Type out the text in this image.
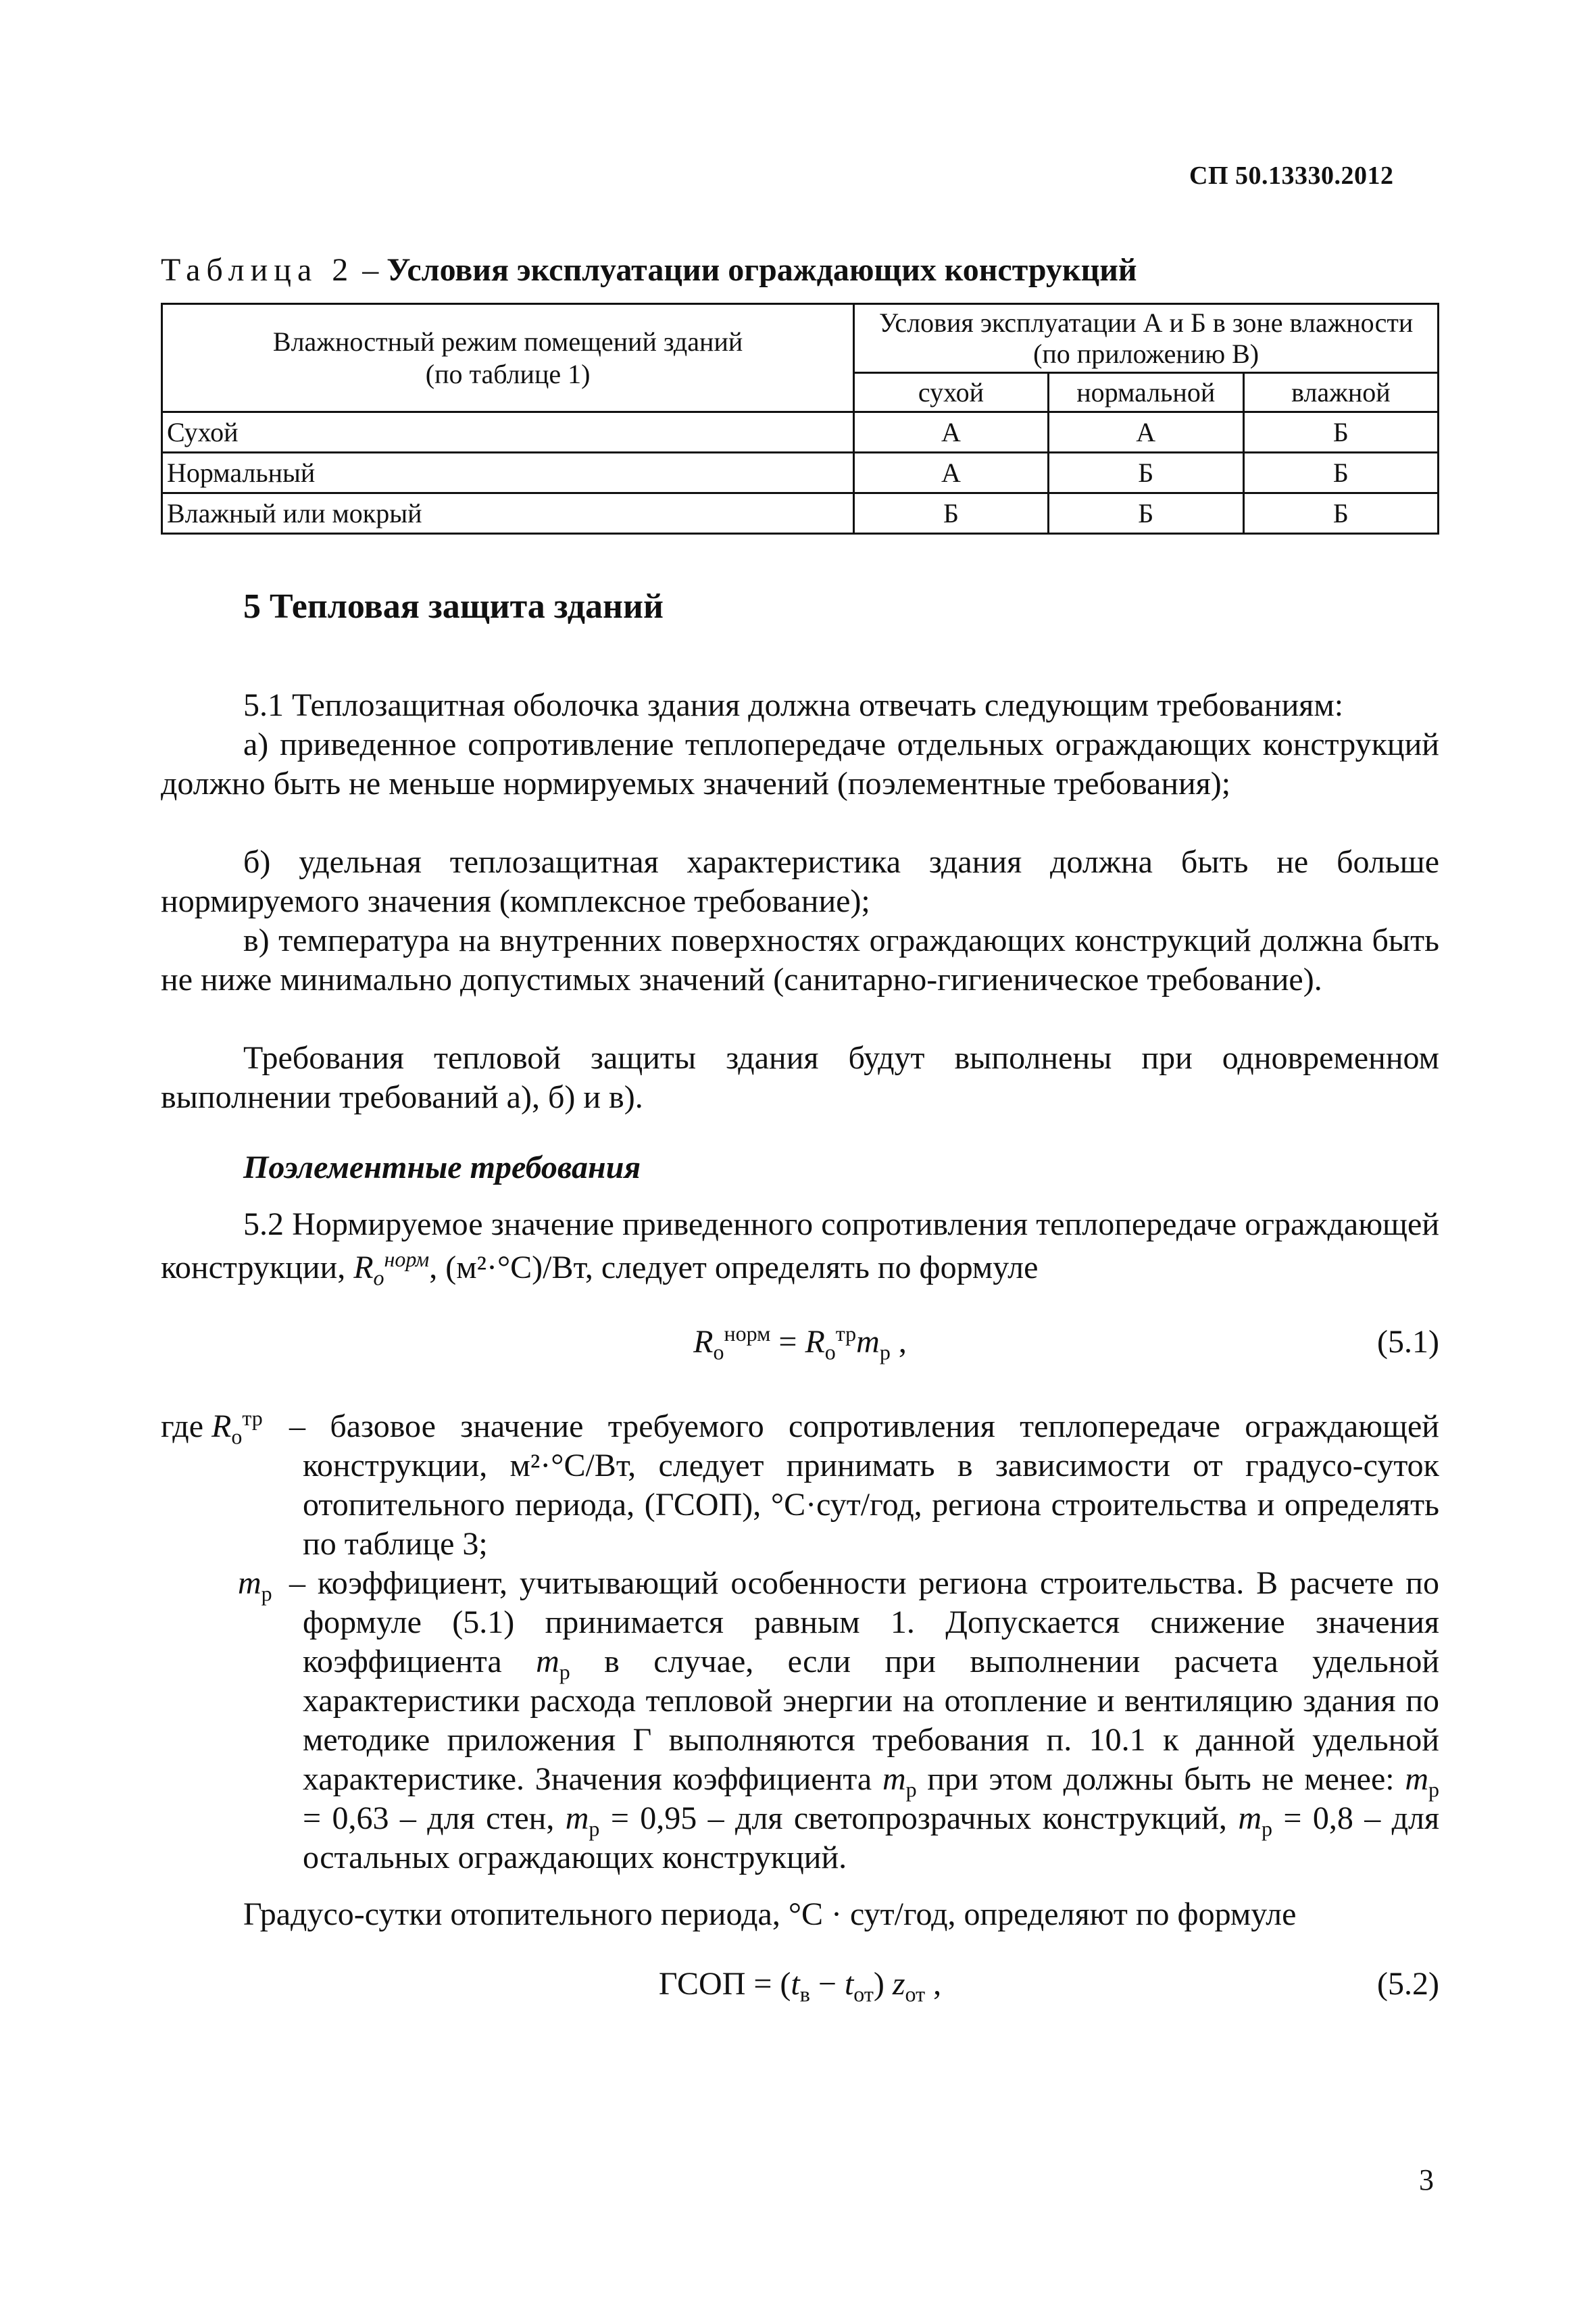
СП 50.13330.2012
Таблица 2 – Условия эксплуатации ограждающих конструкций
Влажностный режим помещений зданий (по таблице 1)	Условия эксплуатации А и Б в зоне влажности (по приложению В)		
	сухой	нормальной	влажной
Сухой	А	А	Б
Нормальный	А	Б	Б
Влажный или мокрый	Б	Б	Б
5 Тепловая защита зданий
5.1 Теплозащитная оболочка здания должна отвечать следующим требованиям:
а) приведенное сопротивление теплопередаче отдельных ограждающих конструкций должно быть не меньше нормируемых значений (поэлементные требования);
б) удельная теплозащитная характеристика здания должна быть не больше нормируемого значения (комплексное требование);
в) температура на внутренних поверхностях ограждающих конструкций должна быть не ниже минимально допустимых значений (санитарно-гигиеническое требование).
Требования тепловой защиты здания будут выполнены при одновременном выполнении требований а), б) и в).
Поэлементные требования
5.2 Нормируемое значение приведенного сопротивления теплопередаче ограждающей конструкции, $R_о^{норм}$, (м²·°С)/Вт, следует определять по формуле
$R_о^{норм} = R_о^{тр}m_р$ ,	(5.1)
где $R_о^{тр}$ – базовое значение требуемого сопротивления теплопередаче ограждающей конструкции, м²·°С/Вт, следует принимать в зависимости от градусо-суток отопительного периода, (ГСОП), °С·сут/год, региона строительства и определять по таблице 3;
$m_р$ – коэффициент, учитывающий особенности региона строительства. В расчете по формуле (5.1) принимается равным 1. Допускается снижение значения коэффициента $m_р$ в случае, если при выполнении расчета удельной характеристики расхода тепловой энергии на отопление и вентиляцию здания по методике приложения Г выполняются требования п. 10.1 к данной удельной характеристике. Значения коэффициента $m_р$ при этом должны быть не менее: $m_р = 0,63$ – для стен, $m_р = 0,95$ – для светопрозрачных конструкций, $m_р = 0,8$ – для остальных ограждающих конструкций.
Градусо-сутки отопительного периода, °С · сут/год, определяют по формуле
ГСОП = $(t_в - t_{от})$ $z_{от}$ ,	(5.2)
3
